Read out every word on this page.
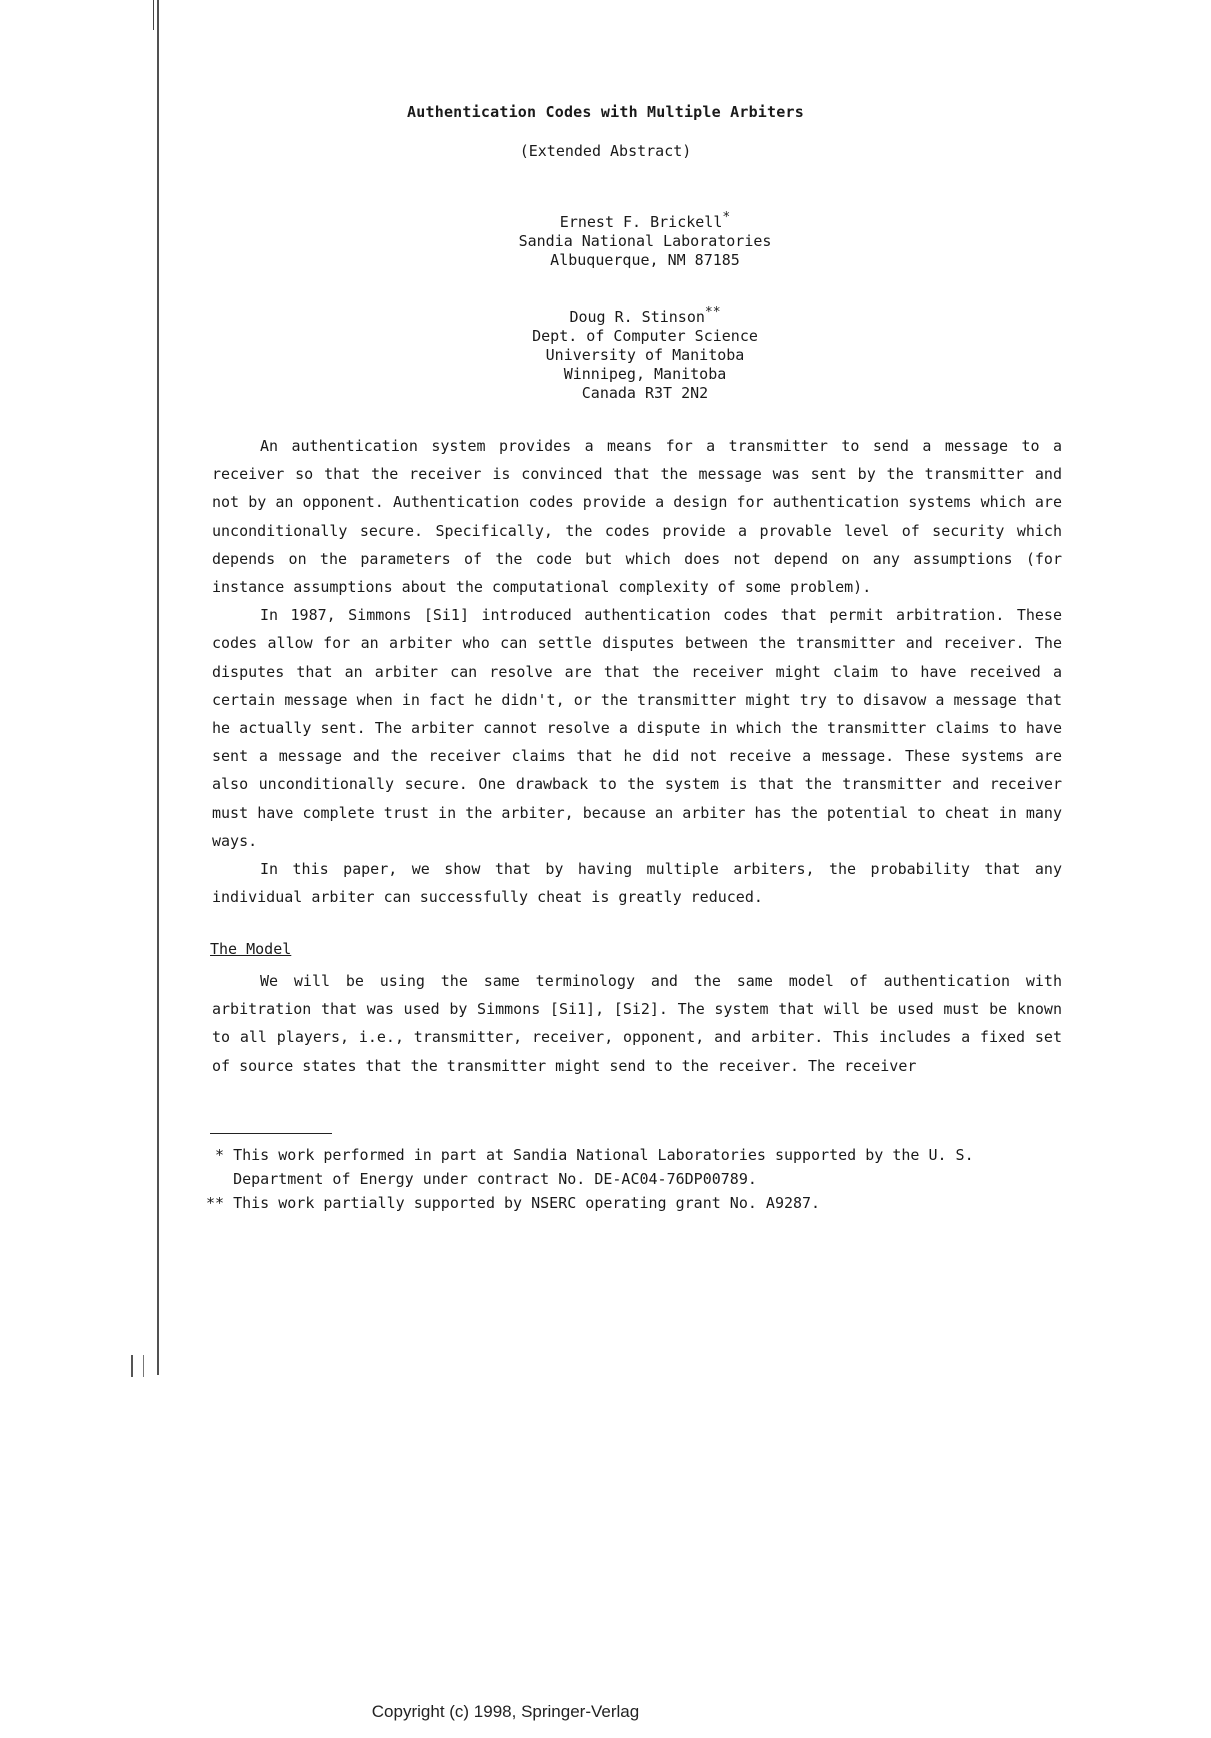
Authentication Codes with Multiple Arbiters
(Extended Abstract)
Ernest F. Brickell*
Sandia National Laboratories
Albuquerque, NM 87185
Doug R. Stinson**
Dept. of Computer Science
University of Manitoba
Winnipeg, Manitoba
Canada R3T 2N2

An authentication system provides a means for a transmitter to send a message to a receiver so that the receiver is convinced that the message was sent by the transmitter and not by an opponent. Authentication codes provide a design for authentication systems which are unconditionally secure. Specifically, the codes provide a provable level of security which depends on the parameters of the code but which does not depend on any assumptions (for instance assumptions about the computational complexity of some problem).

In 1987, Simmons [Si1] introduced authentication codes that permit arbitration. These codes allow for an arbiter who can settle disputes between the transmitter and receiver. The disputes that an arbiter can resolve are that the receiver might claim to have received a certain message when in fact he didn't, or the transmitter might try to disavow a message that he actually sent. The arbiter cannot resolve a dispute in which the transmitter claims to have sent a message and the receiver claims that he did not receive a message. These systems are also unconditionally secure. One drawback to the system is that the transmitter and receiver must have complete trust in the arbiter, because an arbiter has the potential to cheat in many ways.

In this paper, we show that by having multiple arbiters, the probability that any individual arbiter can successfully cheat is greatly reduced.

The Model

We will be using the same terminology and the same model of authentication with arbitration that was used by Simmons [Si1], [Si2]. The system that will be used must be known to all players, i.e., transmitter, receiver, opponent, and arbiter. This includes a fixed set of source states that the transmitter might send to the receiver. The receiver

* This work performed in part at Sandia National Laboratories supported by the U. S.
Department of Energy under contract No. DE-AC04-76DP00789.
** This work partially supported by NSERC operating grant No. A9287.
Copyright (c) 1998, Springer-Verlag
